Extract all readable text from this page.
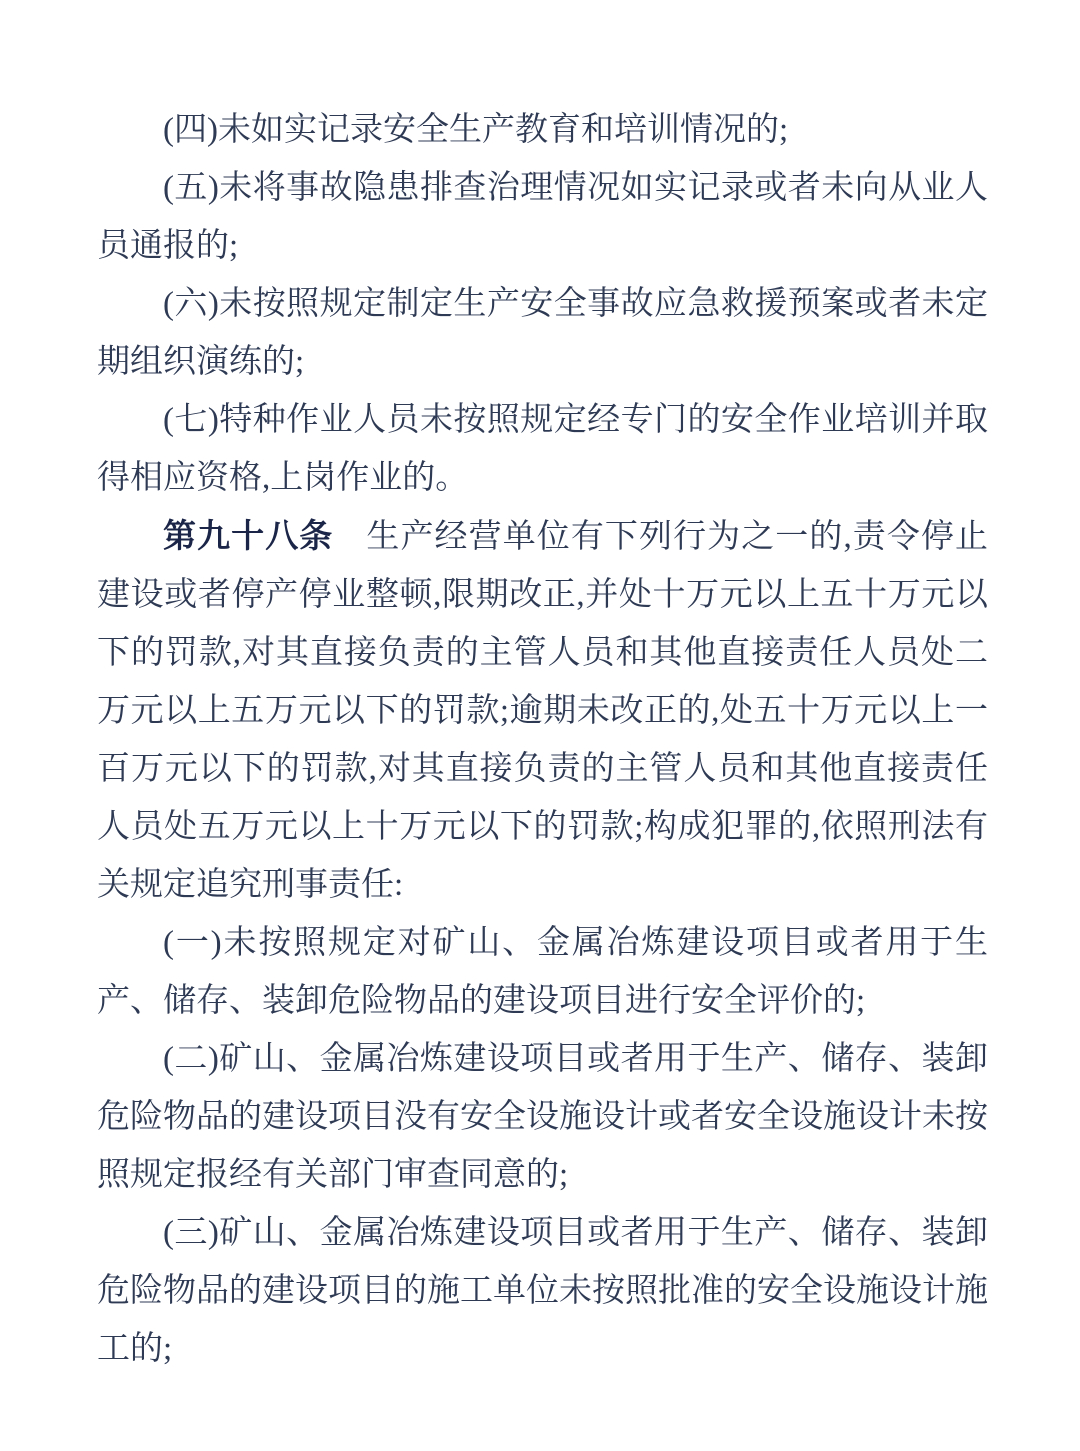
(四)未如实记录安全生产教育和培训情况的;

(五)未将事故隐患排查治理情况如实记录或者未向从业人员通报的;

(六)未按照规定制定生产安全事故应急救援预案或者未定期组织演练的;

(七)特种作业人员未按照规定经专门的安全作业培训并取得相应资格,上岗作业的。

第九十八条 生产经营单位有下列行为之一的,责令停止建设或者停产停业整顿,限期改正,并处十万元以上五十万元以下的罚款,对其直接负责的主管人员和其他直接责任人员处二万元以上五万元以下的罚款;逾期未改正的,处五十万元以上一百万元以下的罚款,对其直接负责的主管人员和其他直接责任人员处五万元以上十万元以下的罚款;构成犯罪的,依照刑法有关规定追究刑事责任:

(一)未按照规定对矿山、金属冶炼建设项目或者用于生产、储存、装卸危险物品的建设项目进行安全评价的;

(二)矿山、金属冶炼建设项目或者用于生产、储存、装卸危险物品的建设项目没有安全设施设计或者安全设施设计未按照规定报经有关部门审查同意的;

(三)矿山、金属冶炼建设项目或者用于生产、储存、装卸危险物品的建设项目的施工单位未按照批准的安全设施设计施工的;
